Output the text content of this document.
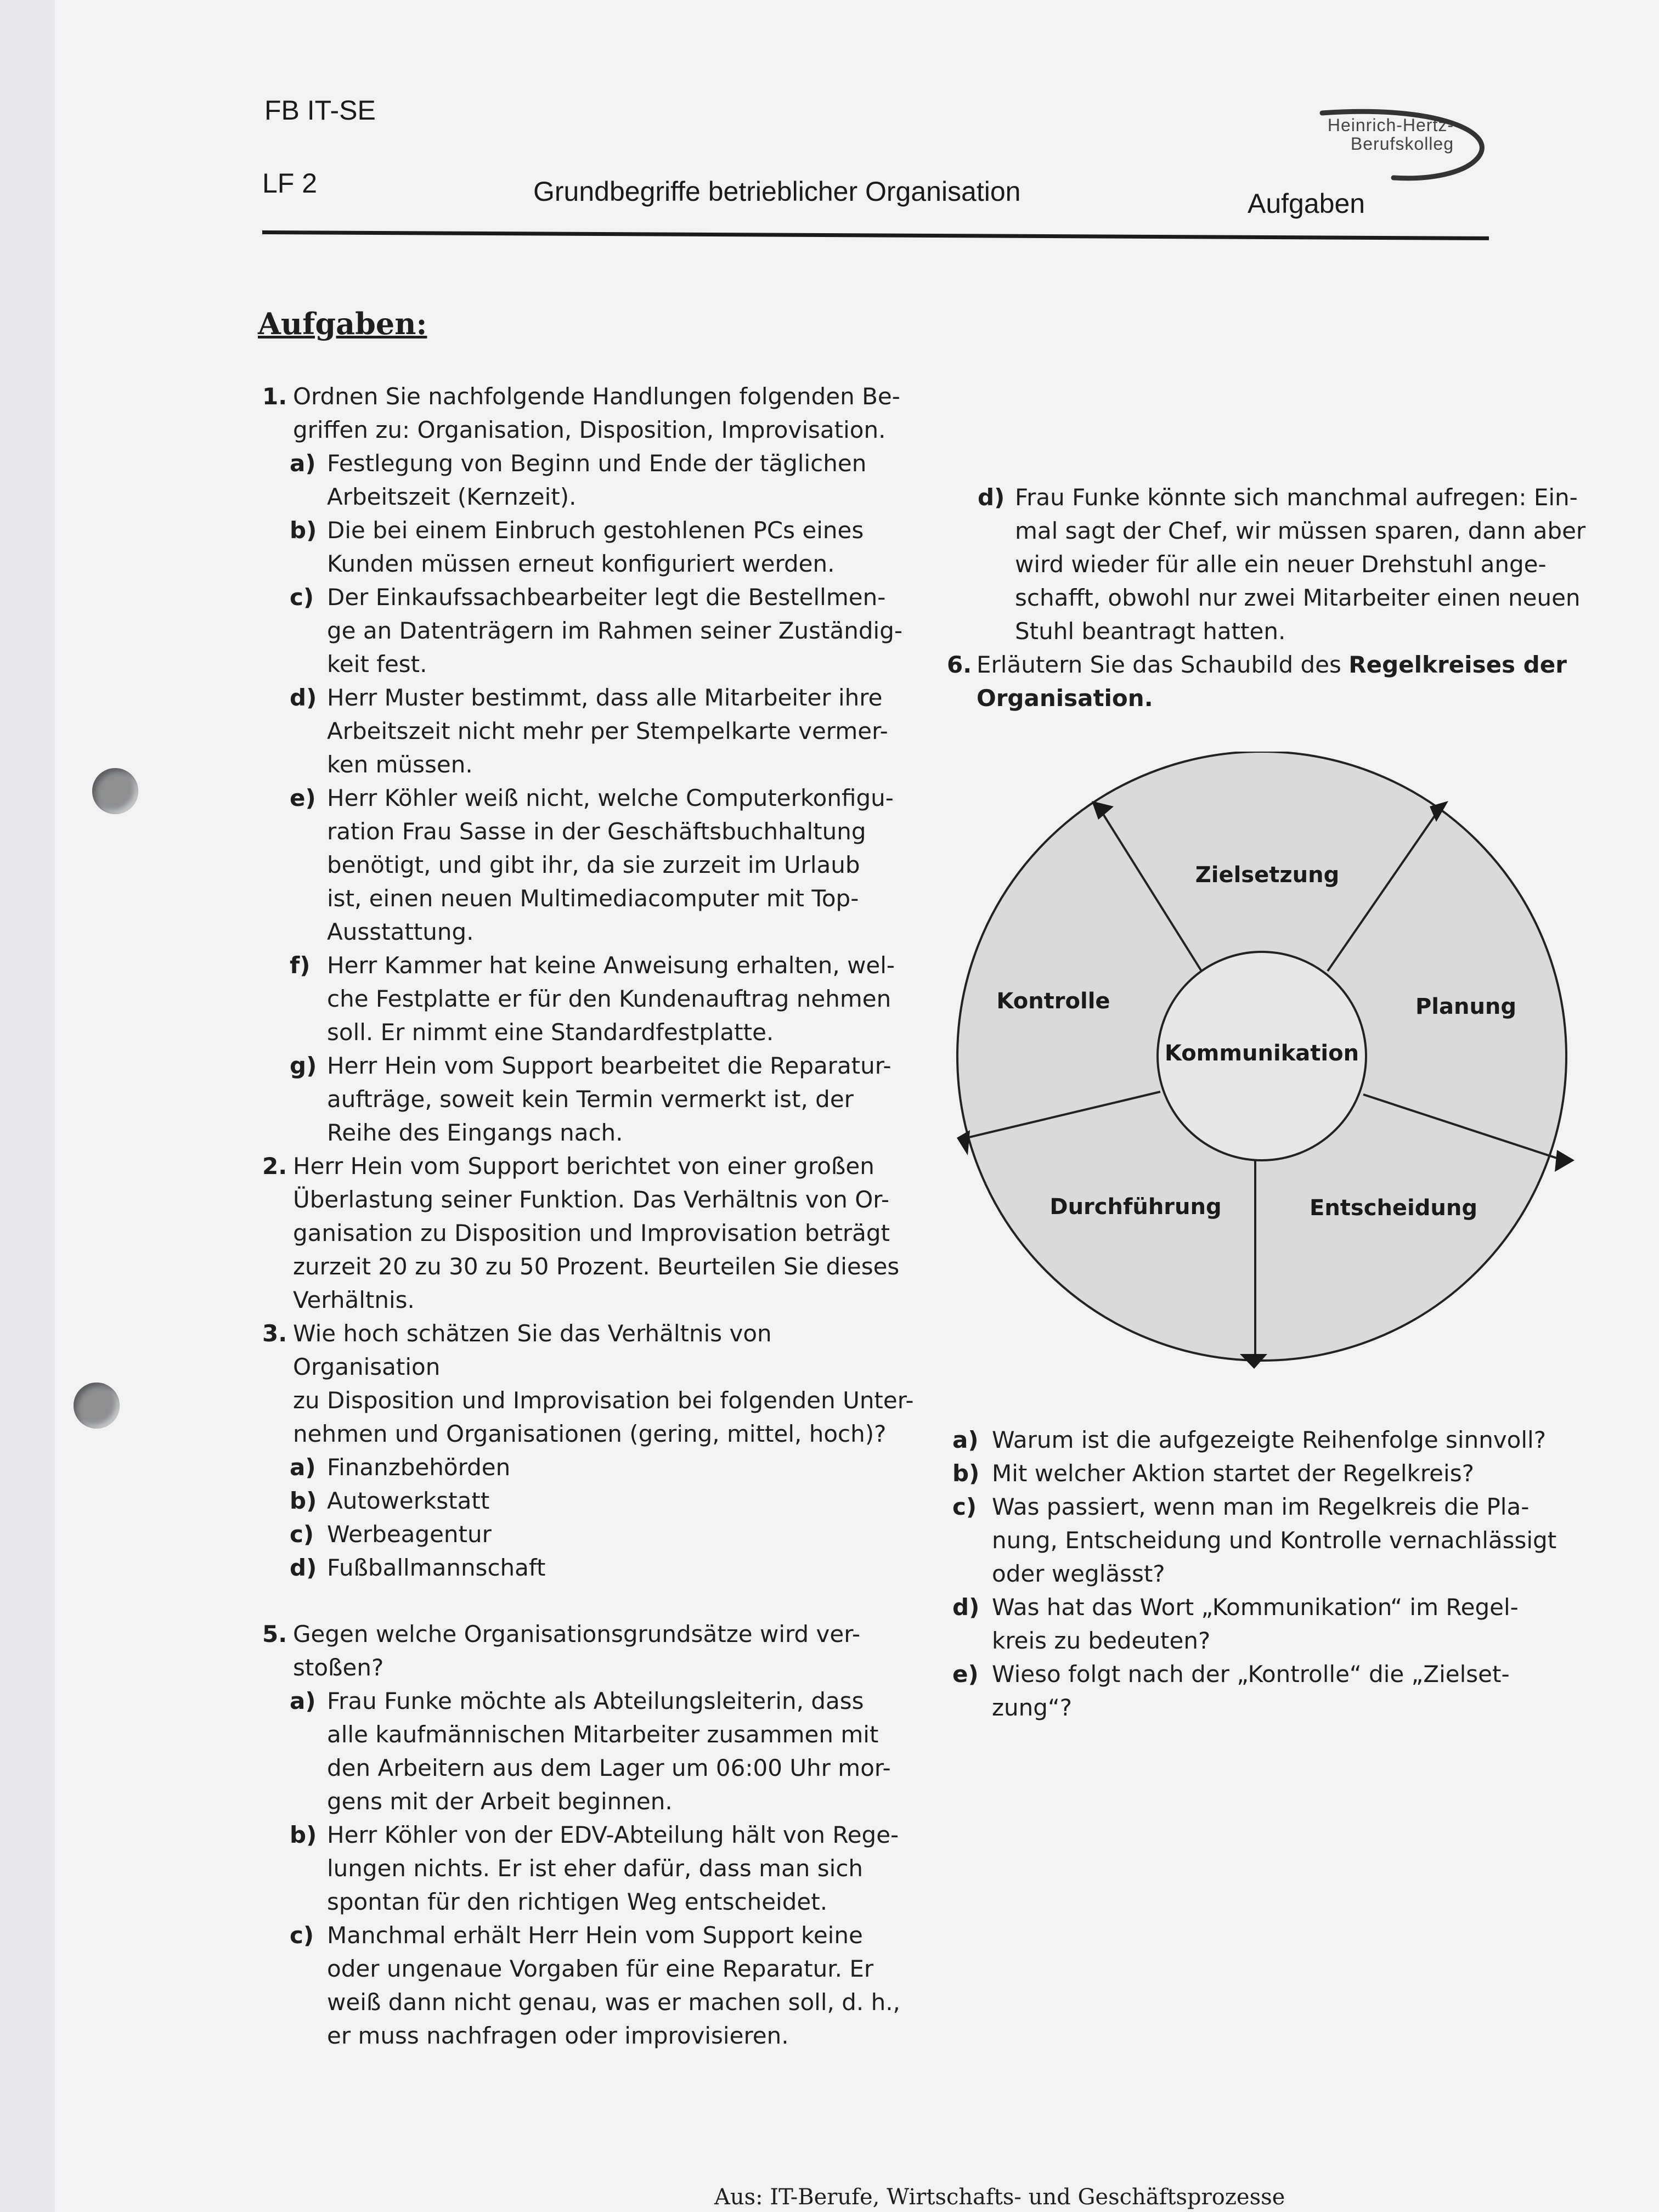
FB IT-SE
LF 2	Grundbegriffe betrieblicher Organisation	Aufgaben
Heinrich-Hertz-
Berufskolleg
Aufgaben:
1. Ordnen Sie nachfolgende Handlungen folgenden Be-
griffen zu: Organisation, Disposition, Improvisation.
a) Festlegung von Beginn und Ende der täglichen
Arbeitszeit (Kernzeit).
b) Die bei einem Einbruch gestohlenen PCs eines
Kunden müssen erneut konfiguriert werden.
c) Der Einkaufssachbearbeiter legt die Bestellmen-
ge an Datenträgern im Rahmen seiner Zuständig-
keit fest.
d) Herr Muster bestimmt, dass alle Mitarbeiter ihre
Arbeitszeit nicht mehr per Stempelkarte vermer-
ken müssen.
e) Herr Köhler weiß nicht, welche Computerkonfigu-
ration Frau Sasse in der Geschäftsbuchhaltung
benötigt, und gibt ihr, da sie zurzeit im Urlaub
ist, einen neuen Multimediacomputer mit Top-
Ausstattung.
f) Herr Kammer hat keine Anweisung erhalten, wel-
che Festplatte er für den Kundenauftrag nehmen
soll. Er nimmt eine Standardfestplatte.
g) Herr Hein vom Support bearbeitet die Reparatur-
aufträge, soweit kein Termin vermerkt ist, der
Reihe des Eingangs nach.
2. Herr Hein vom Support berichtet von einer großen
Überlastung seiner Funktion. Das Verhältnis von Or-
ganisation zu Disposition und Improvisation beträgt
zurzeit 20 zu 30 zu 50 Prozent. Beurteilen Sie dieses
Verhältnis.
3. Wie hoch schätzen Sie das Verhältnis von Organisation
zu Disposition und Improvisation bei folgenden Unter-
nehmen und Organisationen (gering, mittel, hoch)?
a) Finanzbehörden
b) Autowerkstatt
c) Werbeagentur
d) Fußballmannschaft
5. Gegen welche Organisationsgrundsätze wird ver-
stoßen?
a) Frau Funke möchte als Abteilungsleiterin, dass
alle kaufmännischen Mitarbeiter zusammen mit
den Arbeitern aus dem Lager um 06:00 Uhr mor-
gens mit der Arbeit beginnen.
b) Herr Köhler von der EDV-Abteilung hält von Rege-
lungen nichts. Er ist eher dafür, dass man sich
spontan für den richtigen Weg entscheidet.
c) Manchmal erhält Herr Hein vom Support keine
oder ungenaue Vorgaben für eine Reparatur. Er
weiß dann nicht genau, was er machen soll, d. h.,
er muss nachfragen oder improvisieren.
d) Frau Funke könnte sich manchmal aufregen: Ein-
mal sagt der Chef, wir müssen sparen, dann aber
wird wieder für alle ein neuer Drehstuhl ange-
schafft, obwohl nur zwei Mitarbeiter einen neuen
Stuhl beantragt hatten.
6. Erläutern Sie das Schaubild des Regelkreises der
Organisation.
Zielsetzung
Planung
Entscheidung
Durchführung
Kontrolle
Kommunikation
a) Warum ist die aufgezeigte Reihenfolge sinnvoll?
b) Mit welcher Aktion startet der Regelkreis?
c) Was passiert, wenn man im Regelkreis die Pla-
nung, Entscheidung und Kontrolle vernachlässigt
oder weglässt?
d) Was hat das Wort „Kommunikation“ im Regel-
kreis zu bedeuten?
e) Wieso folgt nach der „Kontrolle“ die „Zielset-
zung“?
Aus: IT-Berufe, Wirtschafts- und Geschäftsprozesse
